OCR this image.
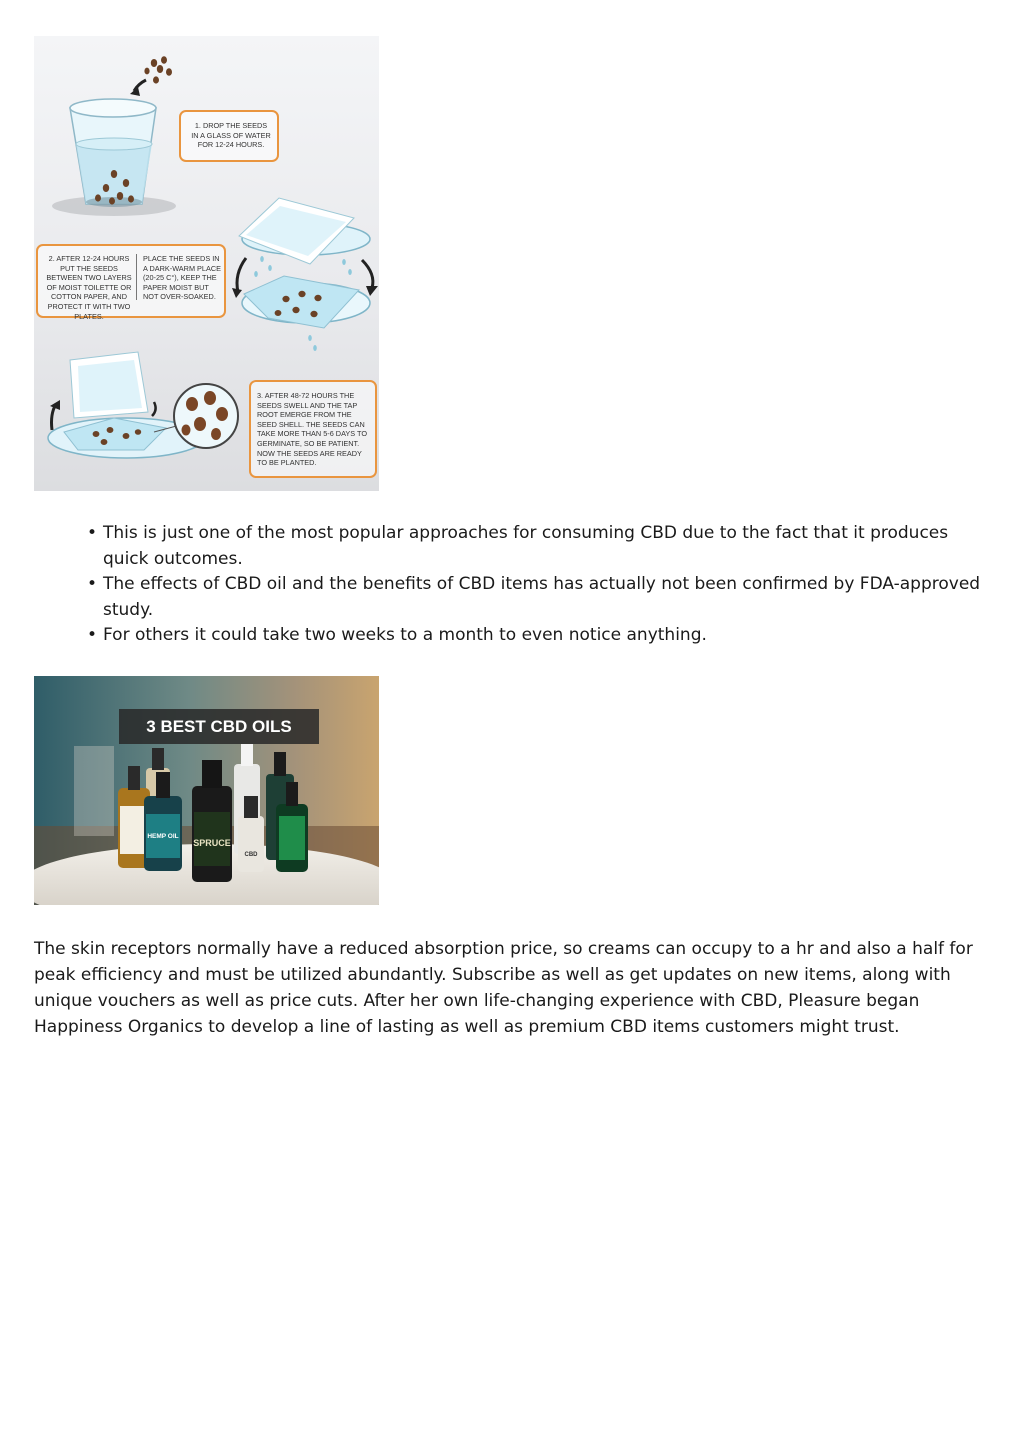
1. DROP THE SEEDS IN A GLASS OF WATER FOR 12-24 HOURS.
2. AFTER 12-24 HOURS PUT THE SEEDS BETWEEN TWO LAYERS OF MOIST TOILETTE OR COTTON PAPER, AND PROTECT IT WITH TWO PLATES.
PLACE THE SEEDS IN A DARK-WARM PLACE (20-25 C°), KEEP THE PAPER MOIST BUT NOT OVER-SOAKED.
3. AFTER 48-72 HOURS THE SEEDS SWELL AND THE TAP ROOT EMERGE FROM THE SEED SHELL. THE SEEDS CAN TAKE MORE THAN 5-6 DAYS TO GERMINATE, SO BE PATIENT. NOW THE SEEDS ARE READY TO BE PLANTED.
• This is just one of the most popular approaches for consuming CBD due to the fact that it produces quick outcomes.
• The effects of CBD oil and the benefits of CBD items has actually not been confirmed by FDA-approved study.
• For others it could take two weeks to a month to even notice anything.
HEMP OIL
SPRUCE
CBD
3 BEST CBD OILS

The skin receptors normally have a reduced absorption price, so creams can occupy to a hr and also a half for peak efficiency and must be utilized abundantly. Subscribe as well as get updates on new items, along with unique vouchers as well as price cuts. After her own life-changing experience with CBD, Pleasure began Happiness Organics to develop a line of lasting as well as premium CBD items customers might trust.
